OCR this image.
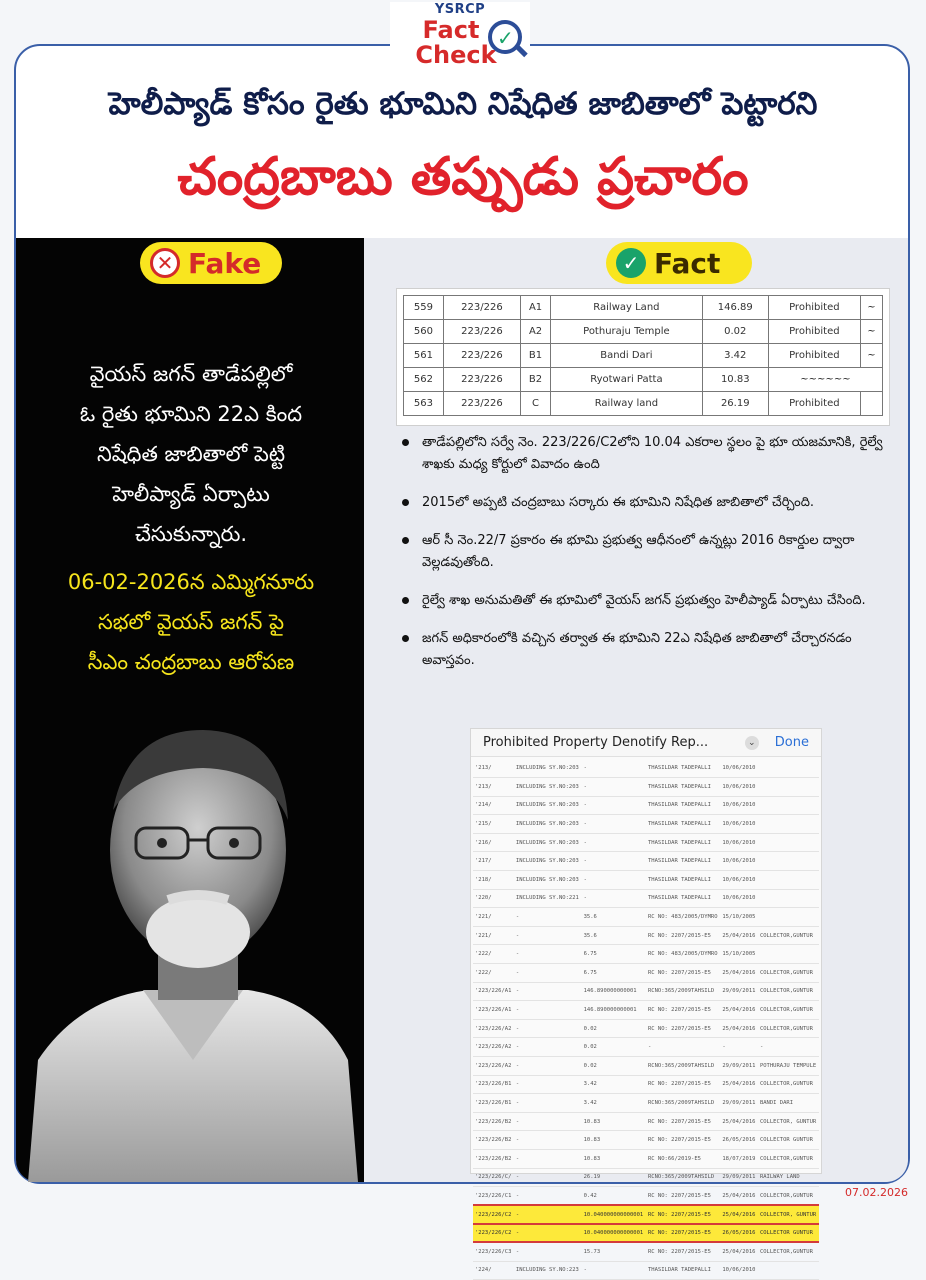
YSRCP
Fact
Check
✓
హెలీప్యాడ్ కోసం రైతు భూమిని నిషేధిత జాబితాలో పెట్టారని
చంద్రబాబు తప్పుడు ప్రచారం
✕ Fake	✓ Fact

వైయస్ జగన్ తాడేపల్లిలో

ఓ రైతు భూమిని 22ఎ కింద

నిషేధిత జాబితాలో పెట్టి

హెలీప్యాడ్ ఏర్పాటు

చేసుకున్నారు.

06-02-2026న ఎమ్మిగనూరు

సభలో వైయస్ జగన్ పై

సీఎం చంద్రబాబు ఆరోపణ

559	223/226	A1	Railway Land	146.89	Prohibited	~
560	223/226	A2	Pothuraju Temple	0.02	Prohibited	~
561	223/226	B1	Bandi Dari	3.42	Prohibited	~
562	223/226	B2	Ryotwari Patta	10.83	~~~~~~	
563	223/226	C	Railway land	26.19	Prohibited	
తాడేపల్లిలోని సర్వే నెం. 223/226/C2లోని 10.04 ఎకరాల స్థలం పై భూ యజమానికి, రైల్వే శాఖకు మధ్య కోర్టులో వివాదం ఉంది
2015లో అప్పటి చంద్రబాబు సర్కారు ఈ భూమిని నిషేధిత జాబితాలో చేర్చింది.
ఆర్ సీ నెం.22/7 ప్రకారం ఈ భూమి ప్రభుత్వ ఆధీనంలో ఉన్నట్లు 2016 రికార్డుల ద్వారా వెల్లడవుతోంది.
రైల్వే శాఖ అనుమతితో ఈ భూమిలో వైయస్ జగన్ ప్రభుత్వం హెలీప్యాడ్ ఏర్పాటు చేసింది.
జగన్ అధికారంలోకి వచ్చిన తర్వాత ఈ భూమిని 22ఎ నిషేధిత జాబితాలో చేర్చారనడం అవాస్తవం.
Prohibited Property Denotify Rep...	⌄ Done
'213/	INCLUDING SY.NO:203	-	THASILDAR TADEPALLI	10/06/2010	
'213/	INCLUDING SY.NO:203	-	THASILDAR TADEPALLI	10/06/2010	
'214/	INCLUDING SY.NO:203	-	THASILDAR TADEPALLI	10/06/2010	
'215/	INCLUDING SY.NO:203	-	THASILDAR TADEPALLI	10/06/2010	
'216/	INCLUDING SY.NO:203	-	THASILDAR TADEPALLI	10/06/2010	
'217/	INCLUDING SY.NO:203	-	THASILDAR TADEPALLI	10/06/2010	
'218/	INCLUDING SY.NO:203	-	THASILDAR TADEPALLI	10/06/2010	
'220/	INCLUDING SY.NO:221	-	THASILDAR TADEPALLI	10/06/2010	
'221/	-	35.6	RC NO: 483/2005/DYMRO	15/10/2005	
'221/	-	35.6	RC NO: 2207/2015-E5	25/04/2016	COLLECTOR,GUNTUR
'222/	-	6.75	RC NO: 483/2005/DYMRO	15/10/2005	
'222/	-	6.75	RC NO: 2207/2015-E5	25/04/2016	COLLECTOR,GUNTUR
'223/226/A1	-	146.890000000001	RCNO:365/2009TAHSILD	29/09/2011	COLLECTOR,GUNTUR
'223/226/A1	-	146.890000000001	RC NO: 2207/2015-E5	25/04/2016	COLLECTOR,GUNTUR
'223/226/A2	-	0.02	RC NO: 2207/2015-E5	25/04/2016	COLLECTOR,GUNTUR
'223/226/A2	-	0.02	-	-	-
'223/226/A2	-	0.02	RCNO:365/2009TAHSILD	29/09/2011	POTHURAJU TEMPULE
'223/226/B1	-	3.42	RC NO: 2207/2015-E5	25/04/2016	COLLECTOR,GUNTUR
'223/226/B1	-	3.42	RCNO:365/2009TAHSILD	29/09/2011	BANDI DARI
'223/226/B2	-	10.83	RC NO: 2207/2015-E5	25/04/2016	COLLECTOR, GUNTUR
'223/226/B2	-	10.83	RC NO: 2207/2015-E5	26/05/2016	COLLECTOR GUNTUR
'223/226/B2	-	10.83	RC NO:66/2019-E5	18/07/2019	COLLECTOR,GUNTUR
'223/226/C/	-	26.19	RCNO:365/2009TAHSILD	29/09/2011	RAILWAY LAND
'223/226/C1	-	0.42	RC NO: 2207/2015-E5	25/04/2016	COLLECTOR,GUNTUR
'223/226/C2	-	10.040000000000001	RC NO: 2207/2015-E5	25/04/2016	COLLECTOR, GUNTUR
'223/226/C2	-	10.040000000000001	RC NO: 2207/2015-E5	26/05/2016	COLLECTOR GUNTUR
'223/226/C3	-	15.73	RC NO: 2207/2015-E5	25/04/2016	COLLECTOR,GUNTUR
'224/	INCLUDING SY.NO:223	-	THASILDAR TADEPALLI	10/06/2010	
07.02.2026
